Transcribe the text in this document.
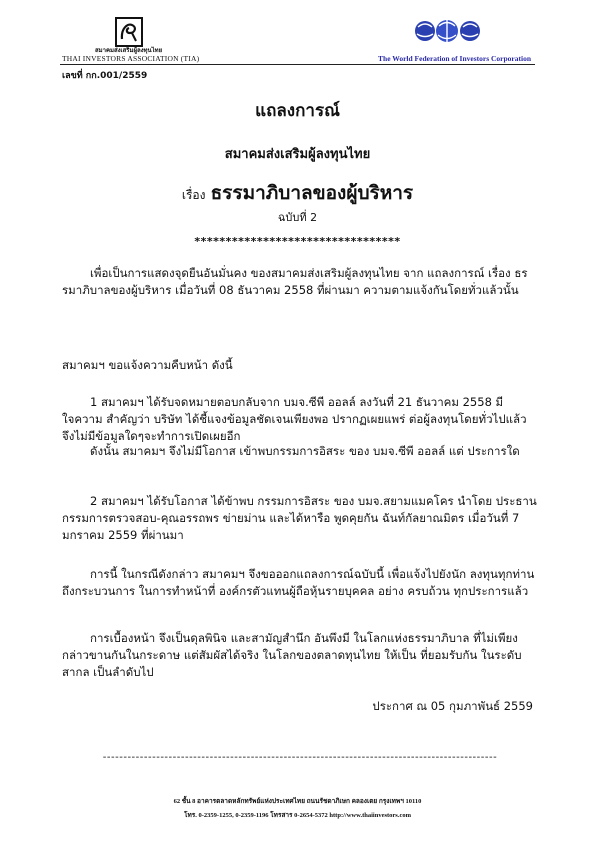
สมาคมส่งเสริมผู้ลงทุนไทย
THAI INVESTORS ASSOCIATION (TIA)	The World Federation of Investors Corporation
เลขที่ กก.001/2559
แถลงการณ์
สมาคมส่งเสริมผู้ลงทุนไทย
เรื่อง ธรรมาภิบาลของผู้บริหาร
ฉบับที่ 2
*********************************

เพื่อเป็นการแสดงจุดยืนอันมั่นคง ของสมาคมส่งเสริมผู้ลงทุนไทย จาก แถลงการณ์ เรื่อง ธรรมาภิบาลของผู้บริหาร เมื่อวันที่ 08 ธันวาคม 2558 ที่ผ่านมา ความตามแจ้งกันโดยทั่วแล้วนั้น

สมาคมฯ ขอแจ้งความคืบหน้า ดังนี้

1 สมาคมฯ ได้รับจดหมายตอบกลับจาก บมจ.ซีพี ออลล์ ลงวันที่ 21 ธันวาคม 2558 มีใจความ สำคัญว่า บริษัท ได้ชี้แจงข้อมูลชัดเจนเพียงพอ ปรากฏเผยแพร่ ต่อผู้ลงทุนโดยทั่วไปแล้ว จึงไม่มีข้อมูลใดๆจะทำการเปิดเผยอีก

ดังนั้น สมาคมฯ จึงไม่มีโอกาส เข้าพบกรรมการอิสระ ของ บมจ.ซีพี ออลล์ แต่ ประการใด

2 สมาคมฯ ได้รับโอกาส ได้ข้าพบ กรรมการอิสระ ของ บมจ.สยามแมคโคร นำโดย ประธานกรรมการตรวจสอบ-คุณอรรถพร ข่ายม่าน และได้หารือ พูดคุยกัน ฉันท์กัลยาณมิตร เมื่อวันที่ 7 มกราคม 2559 ที่ผ่านมา

การนี้ ในกรณีดังกล่าว สมาคมฯ จึงขอออกแถลงการณ์ฉบับนี้ เพื่อแจ้งไปยังนัก ลงทุนทุกท่าน ถึงกระบวนการ ในการทำหน้าที่ องค์กรตัวแทนผู้ถือหุ้นรายบุคคล อย่าง ครบถ้วน ทุกประการแล้ว

การเบื้องหน้า จึงเป็นดุลพินิจ และสามัญสำนึก อันพึงมี ในโลกแห่งธรรมาภิบาล ที่ไม่เพียงกล่าวขานกันในกระดาษ แต่สัมผัสได้จริง ในโลกของตลาดทุนไทย ให้เป็น ที่ยอมรับกัน ในระดับสากล เป็นลำดับไป

ประกาศ ณ 05 กุมภาพันธ์ 2559
------------------------------------------------------------------------------------------------
62 ชั้น 8 อาคารตลาดหลักทรัพย์แห่งประเทศไทย ถนนรัชดาภิเษก คลองเตย กรุงเทพฯ 10110
โทร. 0-2359-1255, 0-2359-1196 โทรสาร 0-2654-5372 http://www.thaiinvestors.com
